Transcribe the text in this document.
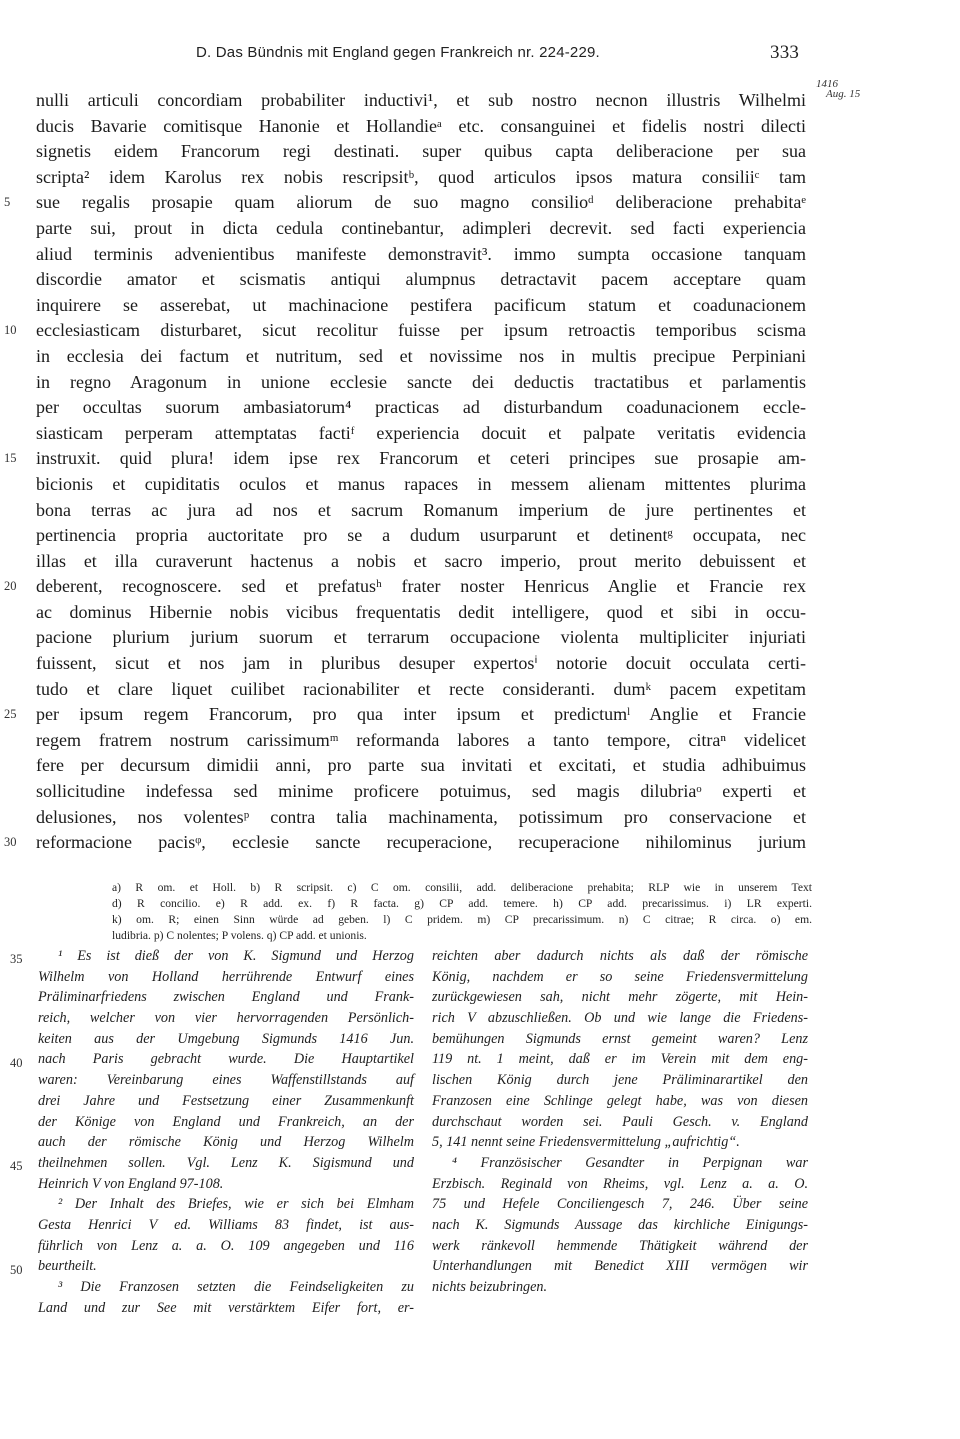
D. Das Bündnis mit England gegen Frankreich nr. 224-229.	333
1416
Aug. 15
nulli articuli concordiam probabiliter inductivi¹, et sub nostro necnon illustris Wilhelmi
ducis Bavarie comitisque Hanonie et Hollandieᵃ etc. consanguinei et fidelis nostri dilecti
signetis eidem Francorum regi destinati. super quibus capta deliberacione per sua
scripta² idem Karolus rex nobis rescripsitᵇ, quod articulos ipsos matura consiliiᶜ tam
5	sue regalis prosapie quam aliorum de suo magno consilioᵈ deliberacione prehabitaᵉ
parte sui, prout in dicta cedula continebantur, adimpleri decrevit. sed facti experiencia
aliud terminis advenientibus manifeste demonstravit³. immo sumpta occasione tanquam
discordie amator et scismatis antiqui alumpnus detractavit pacem acceptare quam
inquirere se asserebat, ut machinacione pestifera pacificum statum et coadunacionem
10	ecclesiasticam disturbaret, sicut recolitur fuisse per ipsum retroactis temporibus scisma
in ecclesia dei factum et nutritum, sed et novissime nos in multis precipue Perpiniani
in regno Aragonum in unione ecclesie sancte dei deductis tractatibus et parlamentis
per occultas suorum ambasiatorum⁴ practicas ad disturbandum coadunacionem eccle-
siasticam perperam attemptatas factiᶠ experiencia docuit et palpate veritatis evidencia
15	instruxit. quid plura! idem ipse rex Francorum et ceteri principes sue prosapie am-
bicionis et cupiditatis oculos et manus rapaces in messem alienam mittentes plurima
bona terras ac jura ad nos et sacrum Romanum imperium de jure pertinentes et
pertinencia propria auctoritate pro se a dudum usurparunt et detinentᵍ occupata, nec
illas et illa curaverunt hactenus a nobis et sacro imperio, prout merito debuissent et
20	deberent, recognoscere. sed et prefatusʰ frater noster Henricus Anglie et Francie rex
ac dominus Hibernie nobis vicibus frequentatis dedit intelligere, quod et sibi in occu-
pacione plurium jurium suorum et terrarum occupacione violenta multipliciter injuriati
fuissent, sicut et nos jam in pluribus desuper expertosⁱ notorie docuit occulata certi-
tudo et clare liquet cuilibet racionabiliter et recte consideranti. dumᵏ pacem expetitam
25	per ipsum regem Francorum, pro qua inter ipsum et predictumˡ Anglie et Francie
regem fratrem nostrum carissimumᵐ reformanda labores a tanto tempore, citraⁿ videlicet
fere per decursum dimidii anni, pro parte sua invitati et excitati, et studia adhibuimus
sollicitudine indefessa sed minime proficere potuimus, sed magis dilubriaᵒ experti et
delusiones, nos volentesᵖ contra talia machinamenta, potissimum pro conservacione et
30	reformacione pacisᵠ, ecclesie sancte recuperacione, recuperacione nihilominus jurium
a) R om. et Holl. b) R scripsit. c) C om. consilii, add. deliberacione prehabita; RLP wie in unserem Text
d) R concilio. e) R add. ex. f) R facta. g) CP add. temere. h) CP add. precarissimus. i) LR experti.
k) om. R; einen Sinn würde ad geben. l) C pridem. m) CP precarissimum. n) C citrae; R circa. o) em.
ludibria. p) C nolentes; P volens. q) CP add. et unionis.
35
40
45
50
¹ Es ist dieß der von K. Sigmund und Herzog
Wilhelm von Holland herrührende Entwurf eines
Präliminarfriedens zwischen England und Frank-
reich, welcher von vier hervorragenden Persönlich-
keiten aus der Umgebung Sigmunds 1416 Jun.
nach Paris gebracht wurde. Die Hauptartikel
waren: Vereinbarung eines Waffenstillstands auf
drei Jahre und Festsetzung einer Zusammenkunft
der Könige von England und Frankreich, an der
auch der römische König und Herzog Wilhelm
theilnehmen sollen. Vgl. Lenz K. Sigismund und
Heinrich V von England 97-108.
² Der Inhalt des Briefes, wie er sich bei Elmham
Gesta Henrici V ed. Williams 83 findet, ist aus-
führlich von Lenz a. a. O. 109 angegeben und 116
beurtheilt.
³ Die Franzosen setzten die Feindseligkeiten zu
Land und zur See mit verstärktem Eifer fort, er-
reichten aber dadurch nichts als daß der römische
König, nachdem er so seine Friedensvermittelung
zurückgewiesen sah, nicht mehr zögerte, mit Hein-
rich V abzuschließen. Ob und wie lange die Friedens-
bemühungen Sigmunds ernst gemeint waren? Lenz
119 nt. 1 meint, daß er im Verein mit dem eng-
lischen König durch jene Präliminarartikel den
Franzosen eine Schlinge gelegt habe, was von diesen
durchschaut worden sei. Pauli Gesch. v. England
5, 141 nennt seine Friedensvermittelung „aufrichtig“.
⁴ Französischer Gesandter in Perpignan war
Erzbisch. Reginald von Rheims, vgl. Lenz a. a. O.
75 und Hefele Conciliengesch 7, 246. Über seine
nach K. Sigmunds Aussage das kirchliche Einigungs-
werk ränkevoll hemmende Thätigkeit während der
Unterhandlungen mit Benedict XIII vermögen wir
nichts beizubringen.
